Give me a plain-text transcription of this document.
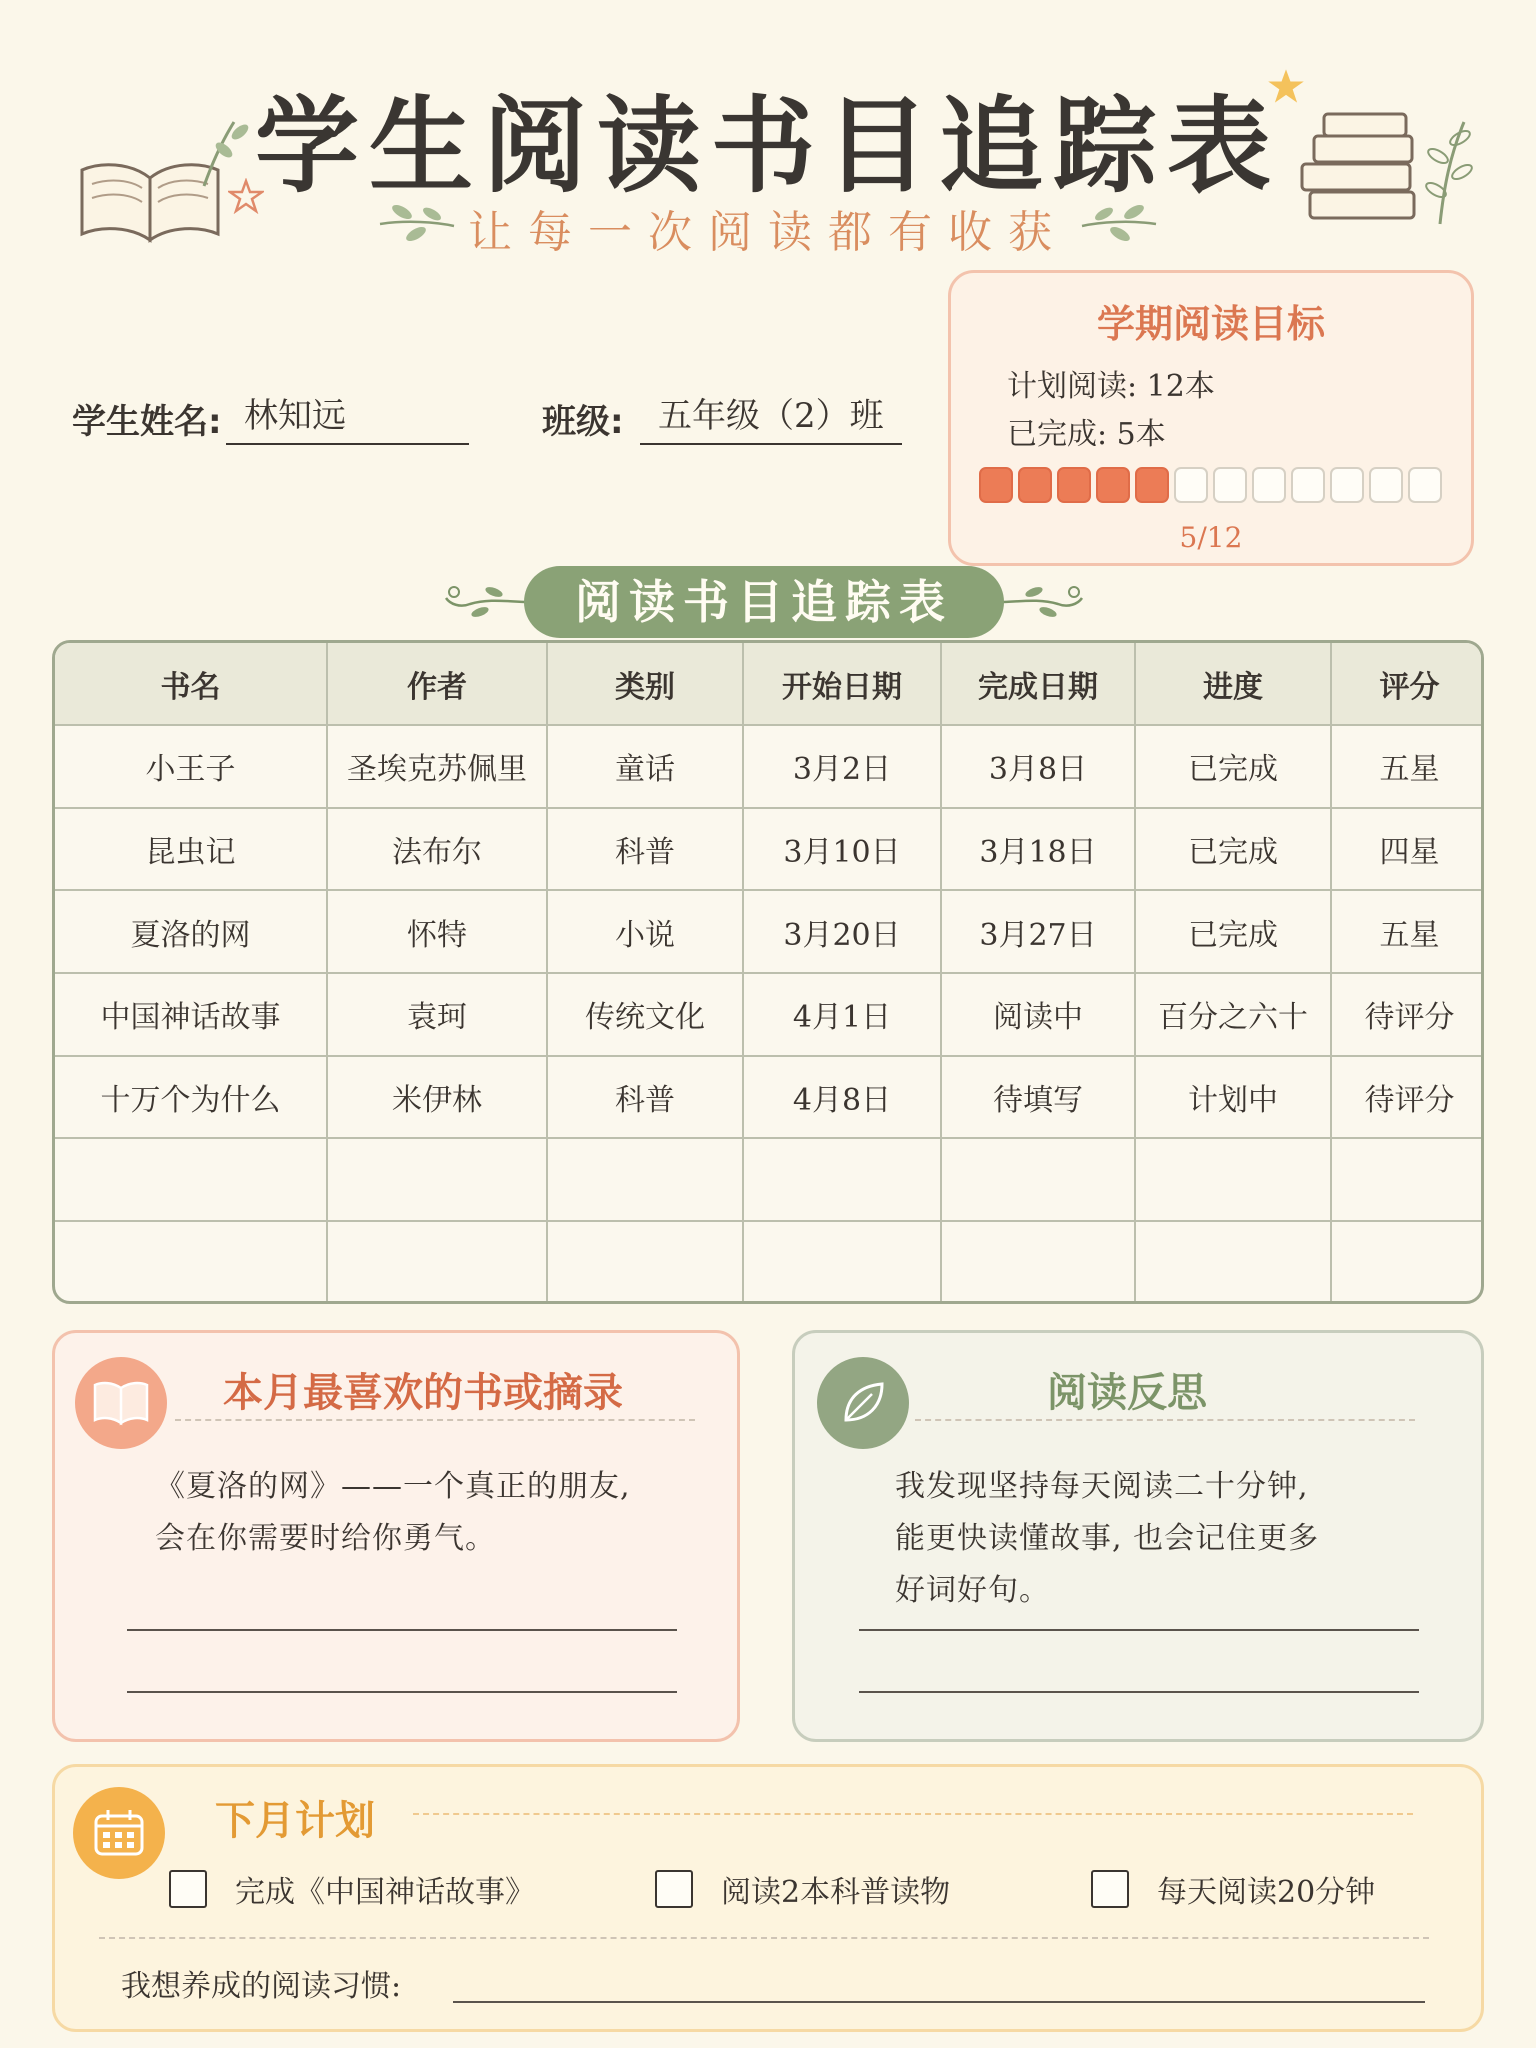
学生阅读书目追踪表
让每一次阅读都有收获
学生姓名: 林知远	班级:	五年级（2）班
学期阅读目标
计划阅读: 12本
已完成: 5本
5/12
阅读书目追踪表
书名	作者	类别	开始日期	完成日期	进度	评分
小王子	圣埃克苏佩里	童话	3月2日	3月8日	已完成	五星
昆虫记	法布尔	科普	3月10日	3月18日	已完成	四星
夏洛的网	怀特	小说	3月20日	3月27日	已完成	五星
中国神话故事	袁珂	传统文化	4月1日	阅读中	百分之六十	待评分
十万个为什么	米伊林	科普	4月8日	待填写	计划中	待评分

本月最喜欢的书或摘录
《夏洛的网》——一个真正的朋友,
会在你需要时给你勇气。
阅读反思
我发现坚持每天阅读二十分钟,
能更快读懂故事, 也会记住更多
好词好句。
下月计划
完成《中国神话故事》	阅读2本科普读物	每天阅读20分钟
我想养成的阅读习惯:
